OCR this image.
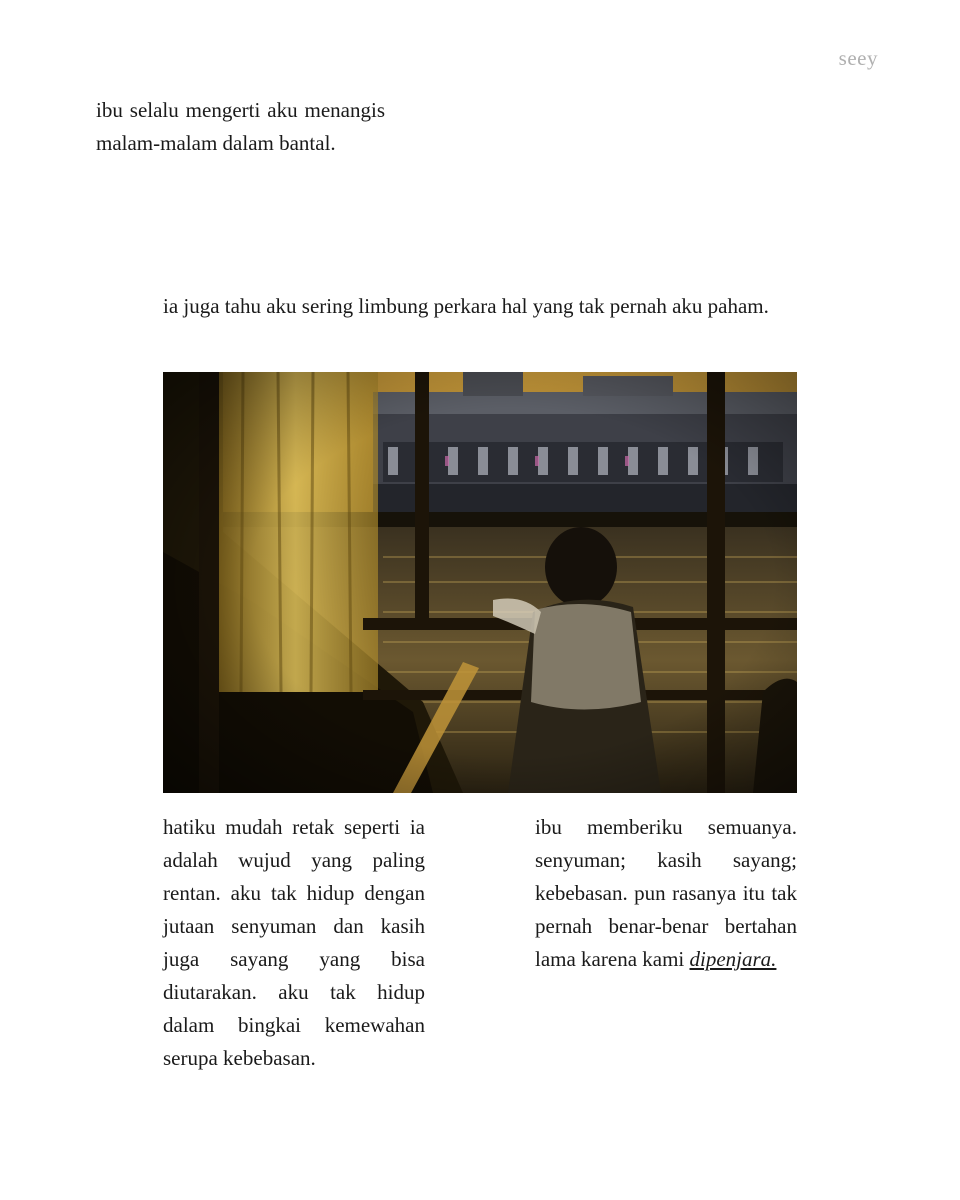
seey

ibu selalu mengerti aku menangis malam-malam dalam bantal.

ia juga tahu aku sering limbung perkara hal yang tak pernah aku paham.

hatiku mudah retak seperti ia adalah wujud yang paling rentan. aku tak hidup dengan jutaan senyuman dan kasih juga sayang yang bisa diutarakan. aku tak hidup dalam bingkai kemewahan serupa kebebasan.

ibu memberiku semuanya. senyuman; kasih sayang; kebebasan. pun rasanya itu tak pernah benar-benar bertahan lama karena kami dipenjara.
